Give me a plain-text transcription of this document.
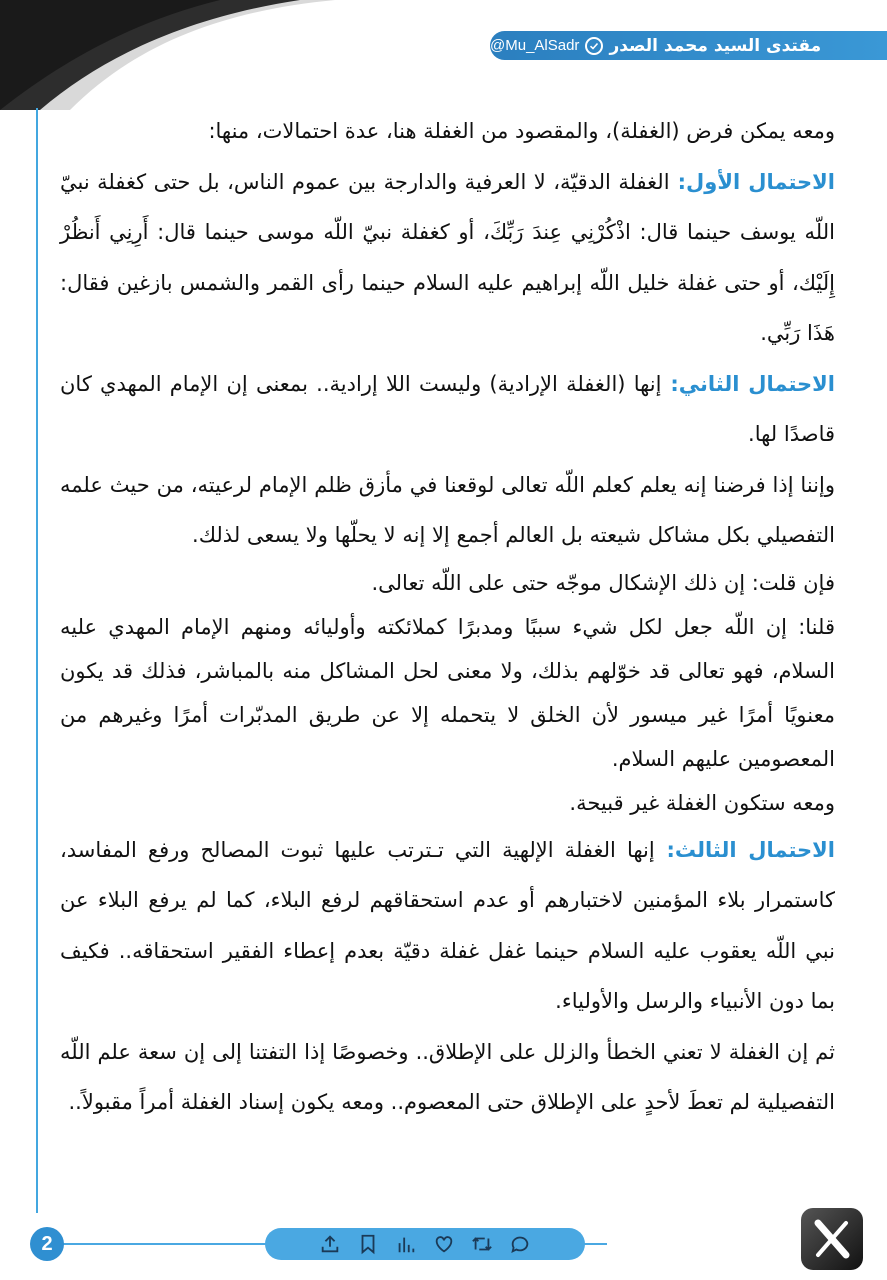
مقتدى السيد محمد الصدر
@Mu_AlSadr

ومعه يمكن فرض (الغفلة)، والمقصود من الغفلة هنا، عدة احتمالات، منها:

الاحتمال الأول: الغفلة الدقيّة، لا العرفية والدارجة بين عموم الناس، بل حتى كغفلة نبيّ اللّه يوسف حينما قال: اذْكُرْنِي عِندَ رَبِّكَ، أو كغفلة نبيّ اللّه موسى حينما قال: أَرِنِي أَنظُرْ إِلَيْك، أو حتى غفلة خليل اللّه إبراهيم عليه السلام حينما رأى القمر والشمس بازغين فقال: هَذَا رَبِّي.

الاحتمال الثاني: إنها (الغفلة الإرادية) وليست اللا إرادية.. بمعنى إن الإمام المهدي كان قاصدًا لها.

وإننا إذا فرضنا إنه يعلم كعلم اللّه تعالى لوقعنا في مأزق ظلم الإمام لرعيته، من حيث علمه التفصيلي بكل مشاكل شيعته بل العالم أجمع إلا إنه لا يحلّها ولا يسعى لذلك.

فإن قلت: إن ذلك الإشكال موجّه حتى على اللّه تعالى.

قلنا: إن اللّه جعل لكل شيء سببًا ومدبرًا كملائكته وأوليائه ومنهم الإمام المهدي عليه السلام، فهو تعالى قد خوّلهم بذلك، ولا معنى لحل المشاكل منه بالمباشر، فذلك قد يكون معنويًا أمرًا غير ميسور لأن الخلق لا يتحمله إلا عن طريق المدبّرات أمرًا وغيرهم من المعصومين عليهم السلام.

ومعه ستكون الغفلة غير قبيحة.

الاحتمال الثالث: إنها الغفلة الإلهية التي تـترتب عليها ثبوت المصالح ورفع المفاسد، كاستمرار بلاء المؤمنين لاختبارهم أو عدم استحقاقهم لرفع البلاء، كما لم يرفع البلاء عن نبي اللّه يعقوب عليه السلام حينما غفل غفلة دقيّة بعدم إعطاء الفقير استحقاقه.. فكيف بما دون الأنبياء والرسل والأولياء.

ثم إن الغفلة لا تعني الخطأ والزلل على الإطلاق.. وخصوصًا إذا التفتنا إلى إن سعة علم اللّه التفصيلية لم تعطَ لأحدٍ على الإطلاق حتى المعصوم.. ومعه يكون إسناد الغفلة أمراً مقبولاً..

2
